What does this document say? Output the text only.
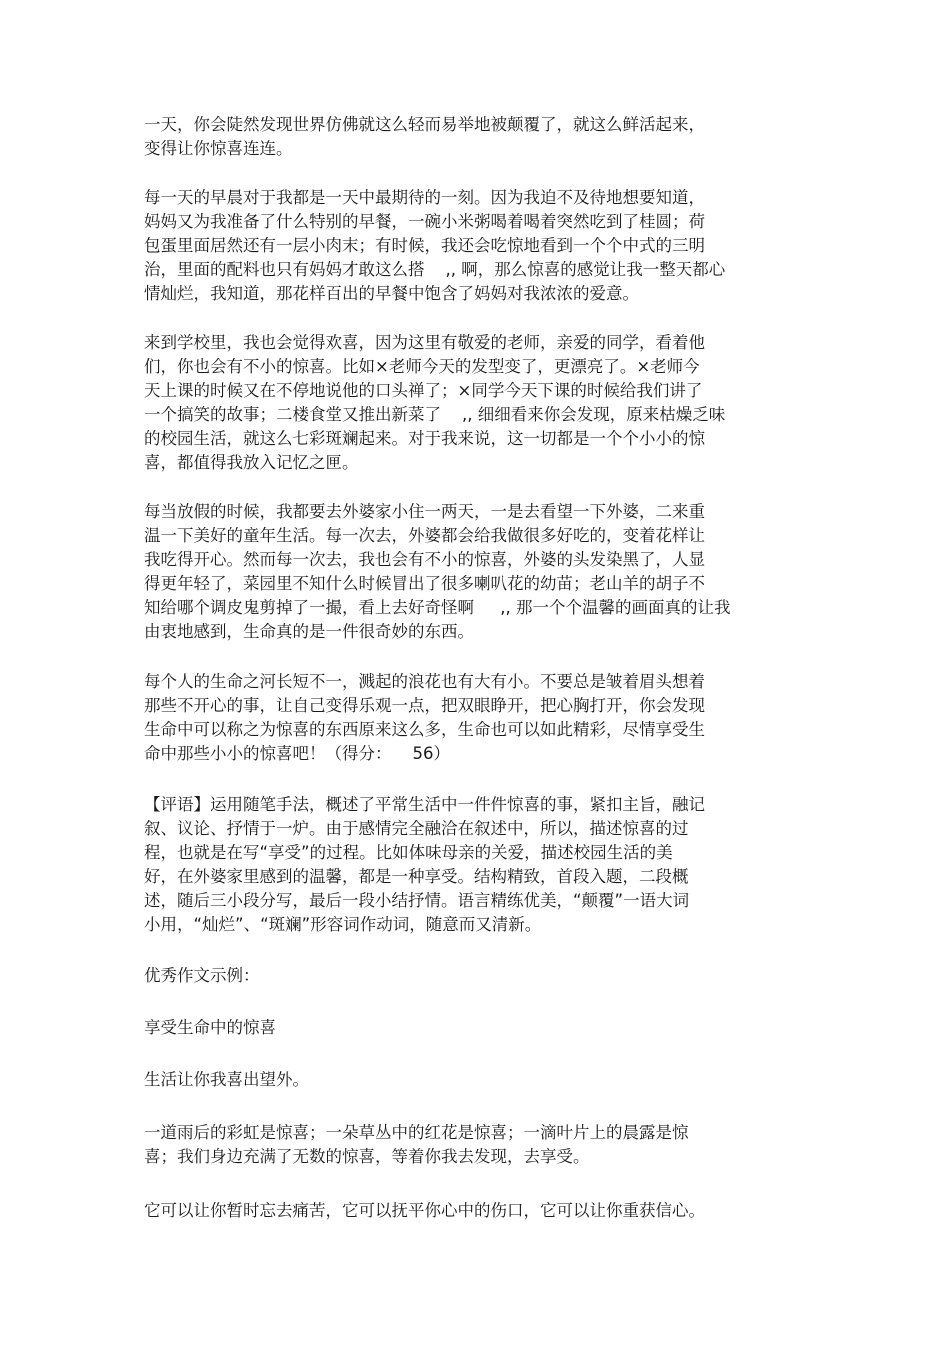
一天，你会陡然发现世界仿佛就这么轻而易举地被颠覆了，就这么鲜活起来，
变得让你惊喜连连。
每一天的早晨对于我都是一天中最期待的一刻。因为我迫不及待地想要知道，
妈妈又为我准备了什么特别的早餐，一碗小米粥喝着喝着突然吃到了桂圆；荷
包蛋里面居然还有一层小肉末；有时候，我还会吃惊地看到一个个中式的三明
治，里面的配料也只有妈妈才敢这么搭    ,, 啊，那么惊喜的感觉让我一整天都心
情灿烂，我知道，那花样百出的早餐中饱含了妈妈对我浓浓的爱意。
来到学校里，我也会觉得欢喜，因为这里有敬爱的老师，亲爱的同学，看着他
们，你也会有不小的惊喜。比如×老师今天的发型变了，更漂亮了。×老师今
天上课的时候又在不停地说他的口头禅了；×同学今天下课的时候给我们讲了
一个搞笑的故事；二楼食堂又推出新菜了    ,, 细细看来你会发现，原来枯燥乏味
的校园生活，就这么七彩斑斓起来。对于我来说，这一切都是一个个小小的惊
喜，都值得我放入记忆之匣。
每当放假的时候，我都要去外婆家小住一两天，一是去看望一下外婆，二来重
温一下美好的童年生活。每一次去，外婆都会给我做很多好吃的，变着花样让
我吃得开心。然而每一次去，我也会有不小的惊喜，外婆的头发染黑了，人显
得更年轻了，菜园里不知什么时候冒出了很多喇叭花的幼苗；老山羊的胡子不
知给哪个调皮鬼剪掉了一撮，看上去好奇怪啊     ,, 那一个个温馨的画面真的让我
由衷地感到，生命真的是一件很奇妙的东西。
每个人的生命之河长短不一，溅起的浪花也有大有小。不要总是皱着眉头想着
那些不开心的事，让自己变得乐观一点，把双眼睁开，把心胸打开，你会发现
生命中可以称之为惊喜的东西原来这么多，生命也可以如此精彩，尽情享受生
命中那些小小的惊喜吧！（得分：    56）
【评语】运用随笔手法，概述了平常生活中一件件惊喜的事，紧扣主旨，融记
叙、议论、抒情于一炉。由于感情完全融洽在叙述中，所以，描述惊喜的过
程，也就是在写“享受”的过程。比如体味母亲的关爱，描述校园生活的美
好，在外婆家里感到的温馨，都是一种享受。结构精致，首段入题，二段概
述，随后三小段分写，最后一段小结抒情。语言精练优美，“颠覆”一语大词
小用，“灿烂”、“斑斓”形容词作动词，随意而又清新。
优秀作文示例：
享受生命中的惊喜
生活让你我喜出望外。
一道雨后的彩虹是惊喜；一朵草丛中的红花是惊喜；一滴叶片上的晨露是惊
喜；我们身边充满了无数的惊喜，等着你我去发现，去享受。
它可以让你暂时忘去痛苦，它可以抚平你心中的伤口，它可以让你重获信心。
